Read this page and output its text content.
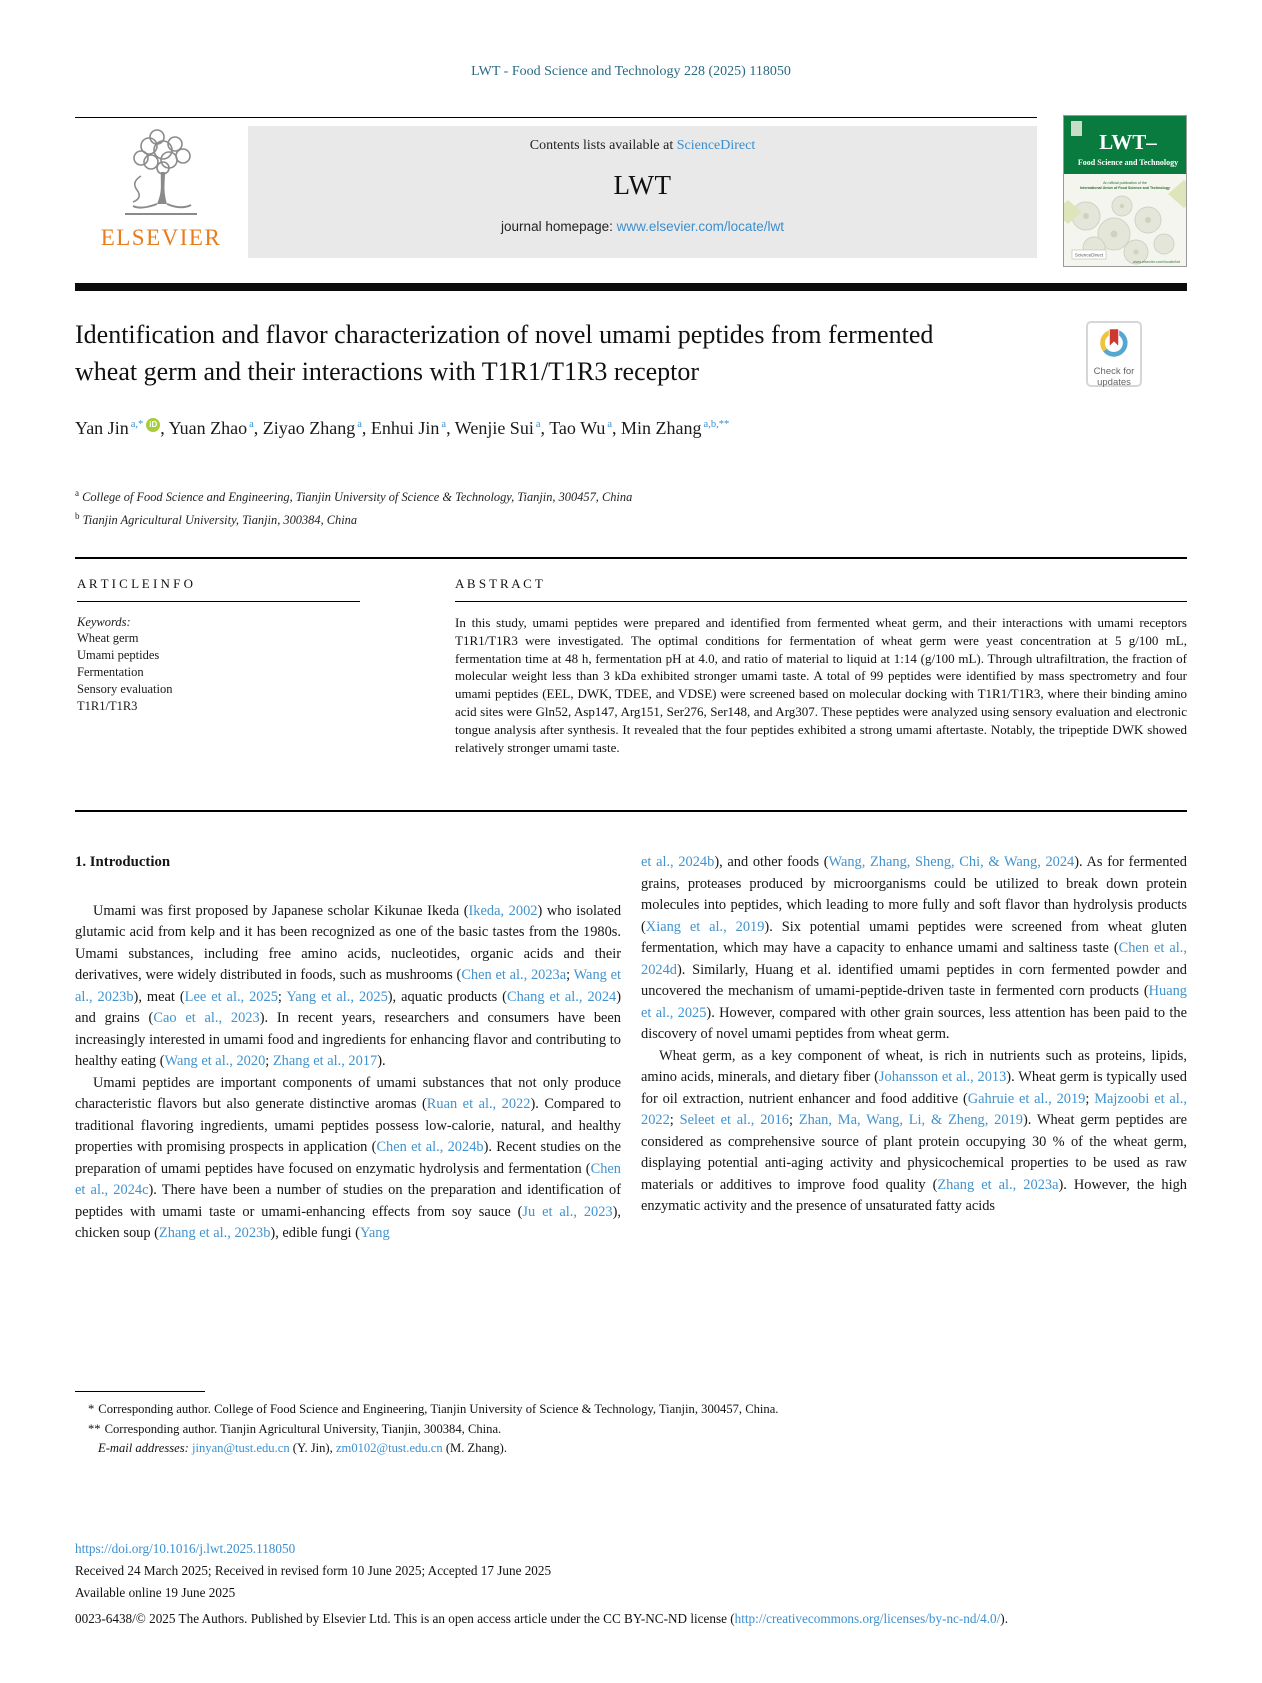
LWT - Food Science and Technology 228 (2025) 118050
ELSEVIER
Contents lists available at ScienceDirect
LWT
journal homepage: www.elsevier.com/locate/lwt
LWT–
Food Science and Technology
An official publication of the
International Union of Food Science and Technology
ScienceDirect
www.elsevier.com/locate/lwt
Identification and flavor characterization of novel umami peptides from fermented wheat germ and their interactions with T1R1/T1R3 receptor	Check for
updates
Yan Jin $^{a,*}$ iD , Yuan Zhao $^a$, Ziyao Zhang $^a$, Enhui Jin $^a$, Wenjie Sui $^a$, Tao Wu $^a$, Min Zhang $^{a,b,**}$
$^a$ College of Food Science and Engineering, Tianjin University of Science & Technology, Tianjin, 300457, China
$^b$ Tianjin Agricultural University, Tianjin, 300384, China
A R T I C L E I N F O
Keywords:
Wheat germ
Umami peptides
Fermentation
Sensory evaluation
T1R1/T1R3
A B S T R A C T
In this study, umami peptides were prepared and identified from fermented wheat germ, and their interactions with umami receptors T1R1/T1R3 were investigated. The optimal conditions for fermentation of wheat germ were yeast concentration at 5 g/100 mL, fermentation time at 48 h, fermentation pH at 4.0, and ratio of material to liquid at 1:14 (g/100 mL). Through ultrafiltration, the fraction of molecular weight less than 3 kDa exhibited stronger umami taste. A total of 99 peptides were identified by mass spectrometry and four umami peptides (EEL, DWK, TDEE, and VDSE) were screened based on molecular docking with T1R1/T1R3, where their binding amino acid sites were Gln52, Asp147, Arg151, Ser276, Ser148, and Arg307. These peptides were analyzed using sensory evaluation and electronic tongue analysis after synthesis. It revealed that the four peptides exhibited a strong umami aftertaste. Notably, the tripeptide DWK showed relatively stronger umami taste.

1. Introduction

Umami was first proposed by Japanese scholar Kikunae Ikeda (Ikeda, 2002) who isolated glutamic acid from kelp and it has been recognized as one of the basic tastes from the 1980s. Umami substances, including free amino acids, nucleotides, organic acids and their derivatives, were widely distributed in foods, such as mushrooms (Chen et al., 2023a; Wang et al., 2023b), meat (Lee et al., 2025; Yang et al., 2025), aquatic products (Chang et al., 2024) and grains (Cao et al., 2023). In recent years, researchers and consumers have been increasingly interested in umami food and ingredients for enhancing flavor and contributing to healthy eating (Wang et al., 2020; Zhang et al., 2017).

Umami peptides are important components of umami substances that not only produce characteristic flavors but also generate distinctive aromas (Ruan et al., 2022). Compared to traditional flavoring ingredients, umami peptides possess low-calorie, natural, and healthy properties with promising prospects in application (Chen et al., 2024b). Recent studies on the preparation of umami peptides have focused on enzymatic hydrolysis and fermentation (Chen et al., 2024c). There have been a number of studies on the preparation and identification of peptides with umami taste or umami-enhancing effects from soy sauce (Ju et al., 2023), chicken soup (Zhang et al., 2023b), edible fungi (Yang

et al., 2024b), and other foods (Wang, Zhang, Sheng, Chi, & Wang, 2024). As for fermented grains, proteases produced by microorganisms could be utilized to break down protein molecules into peptides, which leading to more fully and soft flavor than hydrolysis products (Xiang et al., 2019). Six potential umami peptides were screened from wheat gluten fermentation, which may have a capacity to enhance umami and saltiness taste (Chen et al., 2024d). Similarly, Huang et al. identified umami peptides in corn fermented powder and uncovered the mechanism of umami-peptide-driven taste in fermented corn products (Huang et al., 2025). However, compared with other grain sources, less attention has been paid to the discovery of novel umami peptides from wheat germ.

Wheat germ, as a key component of wheat, is rich in nutrients such as proteins, lipids, amino acids, minerals, and dietary fiber (Johansson et al., 2013). Wheat germ is typically used for oil extraction, nutrient enhancer and food additive (Gahruie et al., 2019; Majzoobi et al., 2022; Seleet et al., 2016; Zhan, Ma, Wang, Li, & Zheng, 2019). Wheat germ peptides are considered as comprehensive source of plant protein occupying 30 % of the wheat germ, displaying potential anti-aging activity and physicochemical properties to be used as raw materials or additives to improve food quality (Zhang et al., 2023a). However, the high enzymatic activity and the presence of unsaturated fatty acids

* Corresponding author. College of Food Science and Engineering, Tianjin University of Science & Technology, Tianjin, 300457, China.
** Corresponding author. Tianjin Agricultural University, Tianjin, 300384, China.
E-mail addresses: jinyan@tust.edu.cn (Y. Jin), zm0102@tust.edu.cn (M. Zhang).
https://doi.org/10.1016/j.lwt.2025.118050
Received 24 March 2025; Received in revised form 10 June 2025; Accepted 17 June 2025
Available online 19 June 2025
0023-6438/© 2025 The Authors. Published by Elsevier Ltd. This is an open access article under the CC BY-NC-ND license (http://creativecommons.org/licenses/by-nc-nd/4.0/).
